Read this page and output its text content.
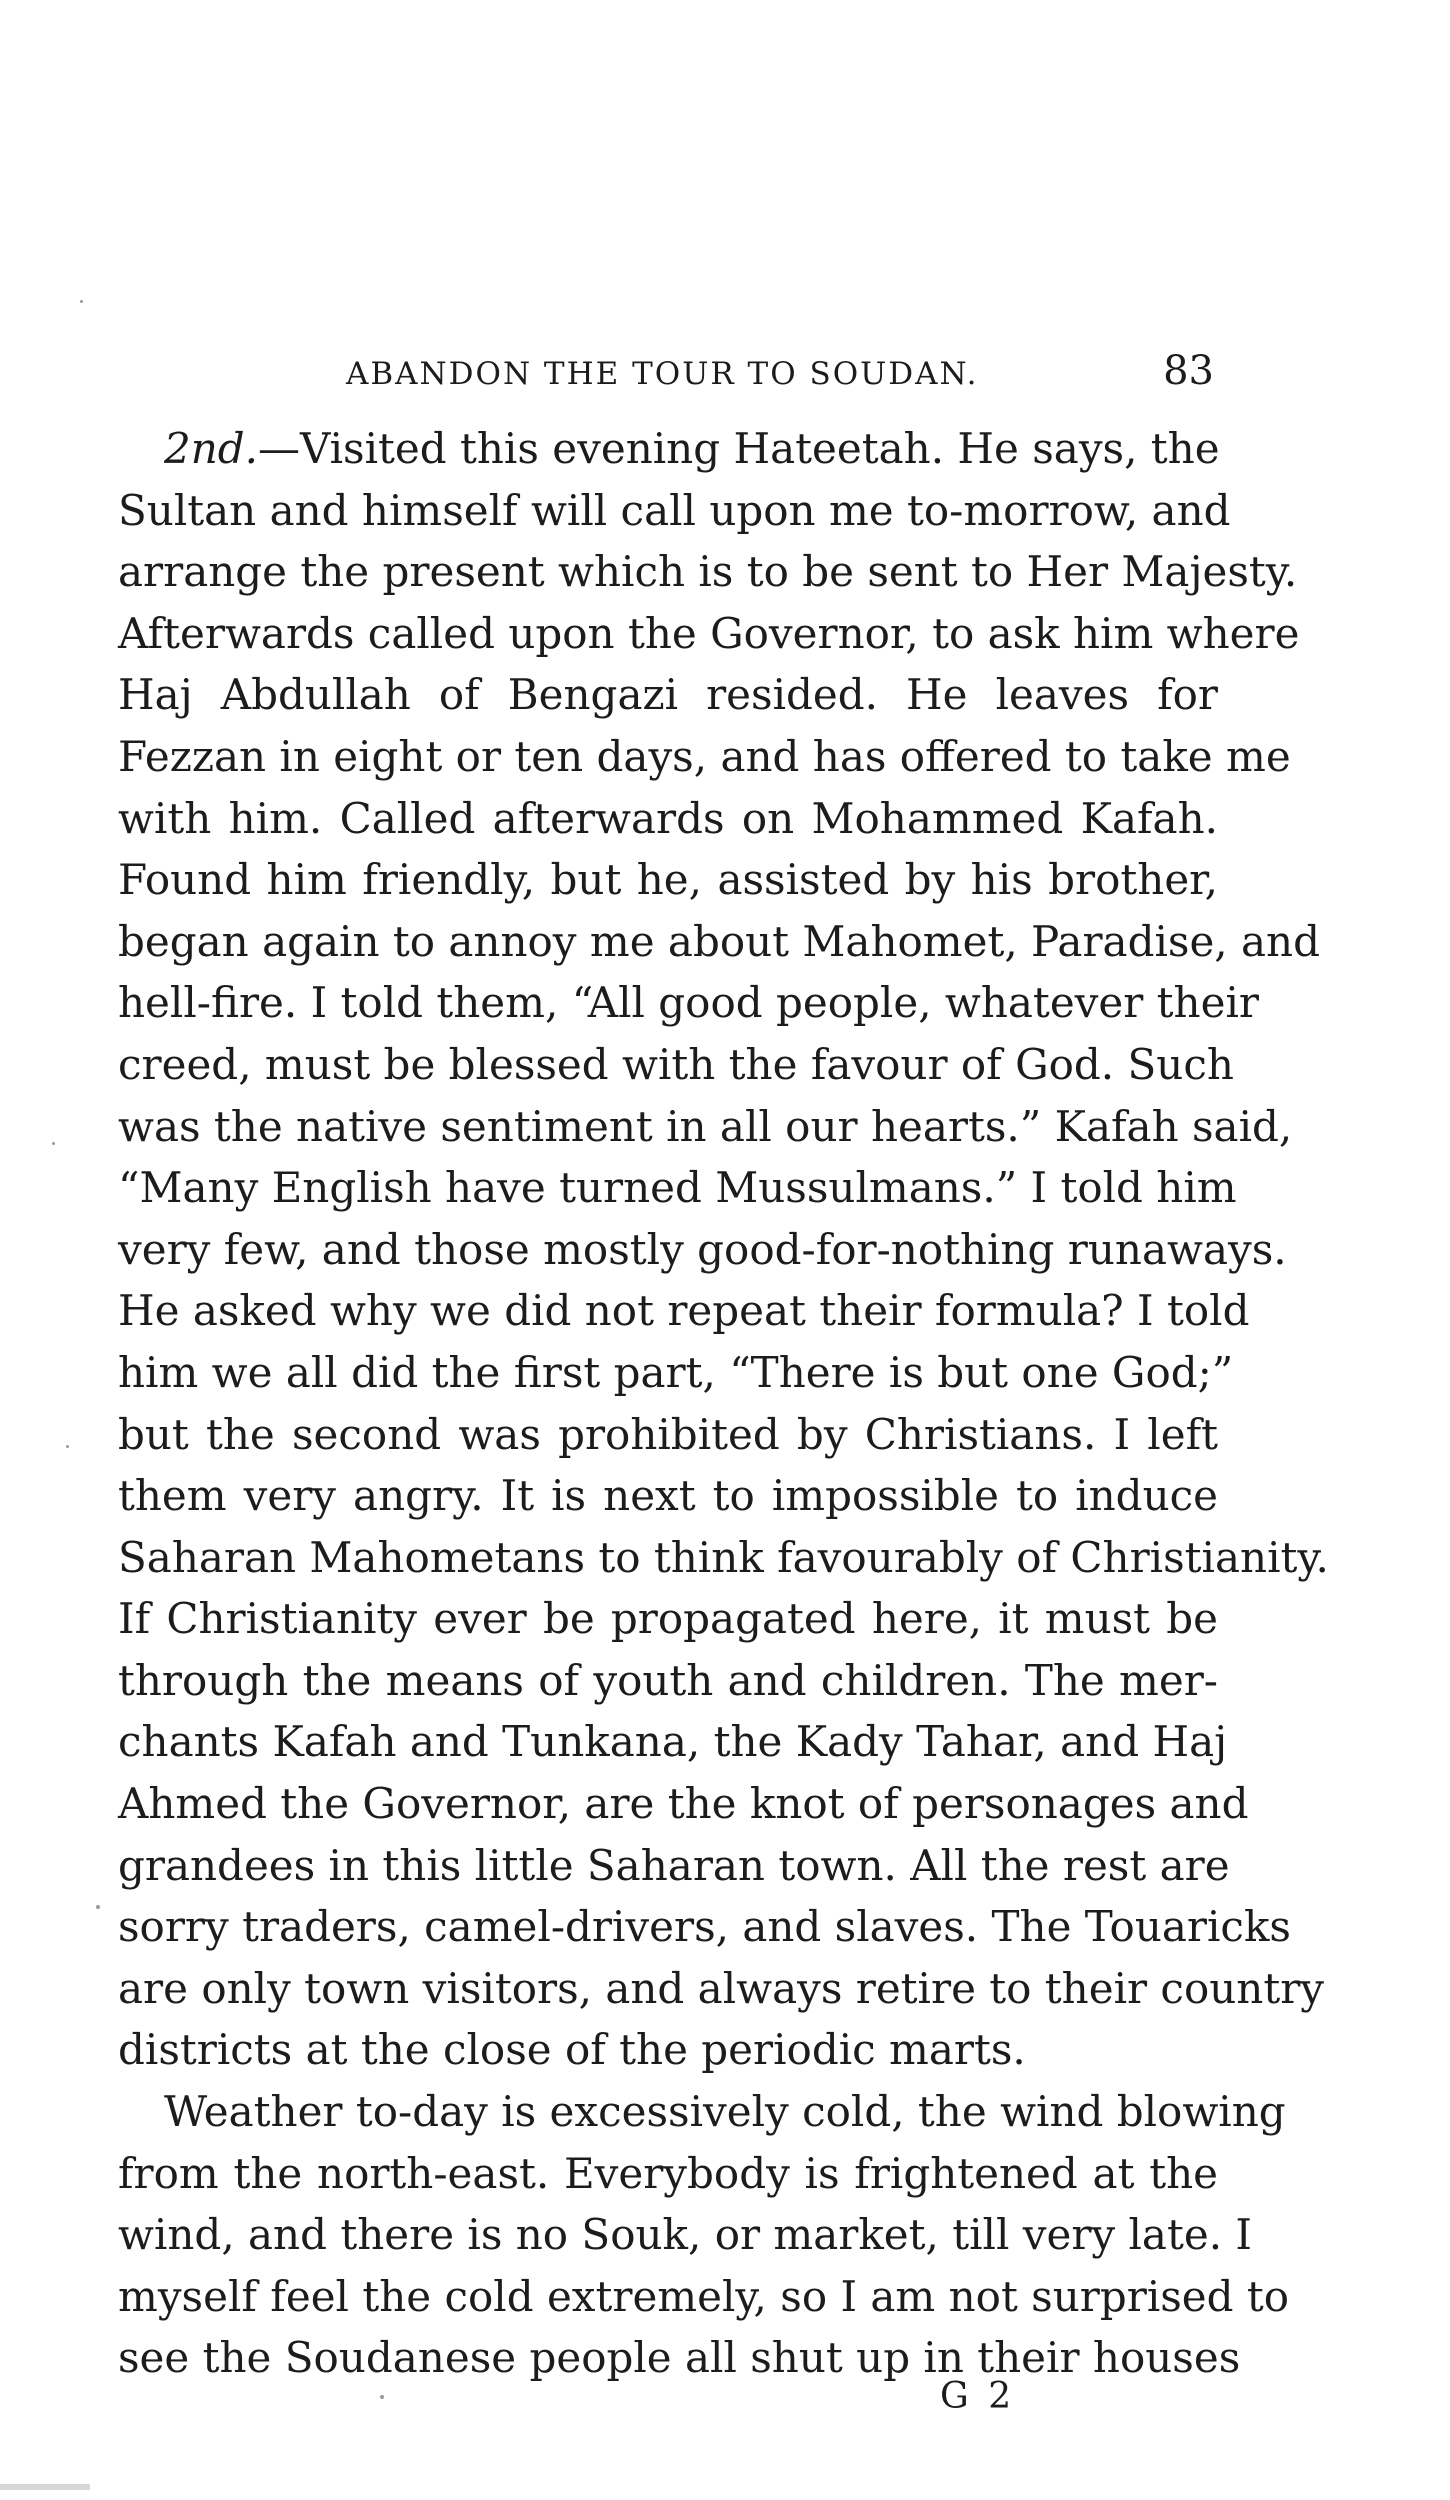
ABANDON THE TOUR TO SOUDAN.	83
2nd.—Visited this evening Hateetah. He says, the
Sultan and himself will call upon me to-morrow, and
arrange the present which is to be sent to Her Majesty.
Afterwards called upon the Governor, to ask him where
Haj Abdullah of Bengazi resided. He leaves for
Fezzan in eight or ten days, and has offered to take me
with him. Called afterwards on Mohammed Kafah.
Found him friendly, but he, assisted by his brother,
began again to annoy me about Mahomet, Paradise, and
hell-fire. I told them, “All good people, whatever their
creed, must be blessed with the favour of God. Such
was the native sentiment in all our hearts.” Kafah said,
“Many English have turned Mussulmans.” I told him
very few, and those mostly good-for-nothing runaways.
He asked why we did not repeat their formula? I told
him we all did the first part, “There is but one God;”
but the second was prohibited by Christians. I left
them very angry. It is next to impossible to induce
Saharan Mahometans to think favourably of Christianity.
If Christianity ever be propagated here, it must be
through the means of youth and children. The mer-
chants Kafah and Tunkana, the Kady Tahar, and Haj
Ahmed the Governor, are the knot of personages and
grandees in this little Saharan town. All the rest are
sorry traders, camel-drivers, and slaves. The Touaricks
are only town visitors, and always retire to their country
districts at the close of the periodic marts.
Weather to-day is excessively cold, the wind blowing
from the north-east. Everybody is frightened at the
wind, and there is no Souk, or market, till very late. I
myself feel the cold extremely, so I am not surprised to
see the Soudanese people all shut up in their houses
G 2
